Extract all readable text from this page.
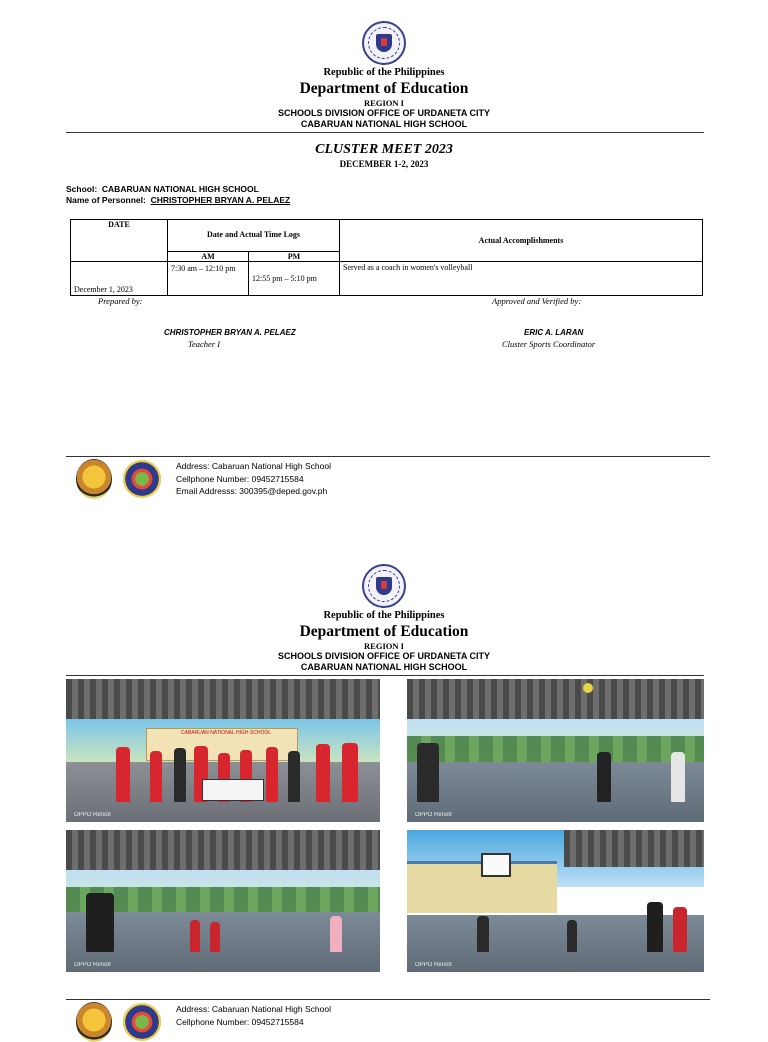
Republic of the Philippines
Department of Education
REGION I
SCHOOLS DIVISION OFFICE OF URDANETA CITY
CABARUAN NATIONAL HIGH SCHOOL
CLUSTER MEET 2023
DECEMBER 1-2, 2023
School: CABARUAN NATIONAL HIGH SCHOOL
Name of Personnel: CHRISTOPHER BRYAN A. PELAEZ
DATE	Date and Actual Time Logs		Actual Accomplishments
	AM	PM	
December 1, 2023	7:30 am – 12:10 pm	12:55 pm – 5:10 pm	Served as a coach in women's volleyball
Prepared by:	Approved and Verified by:
CHRISTOPHER BRYAN A. PELAEZ
Teacher I
ERIC A. LARAN
Cluster Sports Coordinator
Address: Cabaruan National High School
Cellphone Number: 09452715584
Email Addresss: 300395@deped.gov.ph
Republic of the Philippines
Department of Education
REGION I
SCHOOLS DIVISION OFFICE OF URDANETA CITY
CABARUAN NATIONAL HIGH SCHOOL
CABARUAN NATIONAL HIGH SCHOOL
OPPO Reno8	OPPO Reno8
OPPO Reno8	OPPO Reno8
Address: Cabaruan National High School
Cellphone Number: 09452715584
